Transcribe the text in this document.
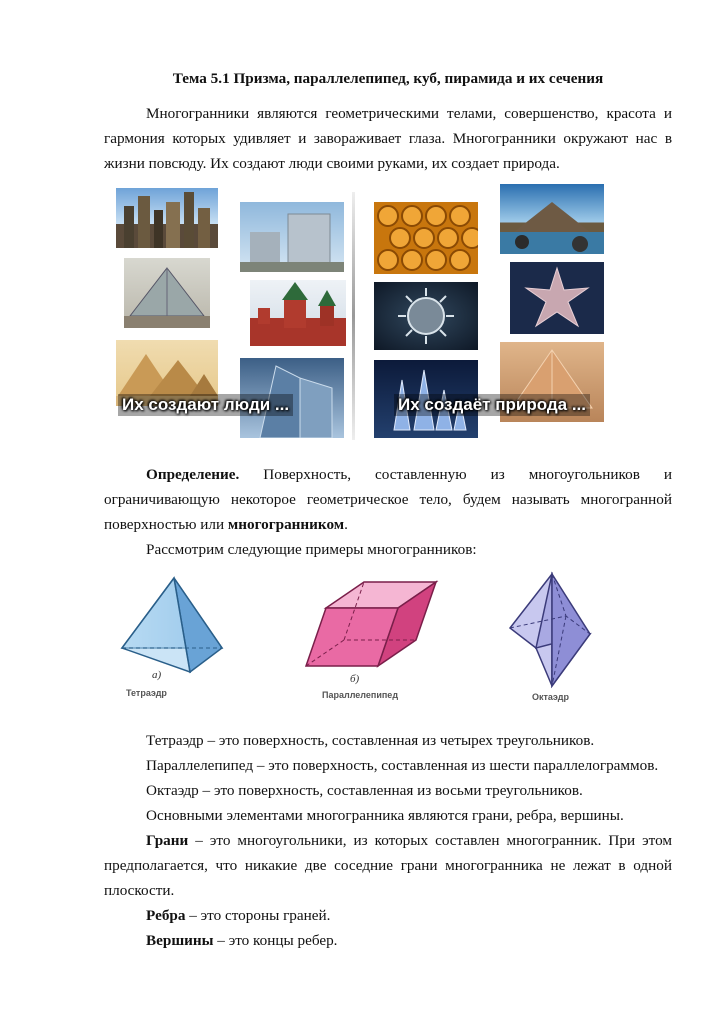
Тема 5.1 Призма, параллелепипед, куб, пирамида и их сечения

Многогранники являются геометрическими телами, совершенство, красота и гармония которых удивляет и завораживает глаза. Многогранники окружают нас в жизни повсюду. Их создают люди своими руками, их создает природа.

Их создают люди ...	Их создаёт природа ...

Определение. Поверхность, составленную из многоугольников и ограничивающую некоторое геометрическое тело, будем называть многогранной поверхностью или многогранником.

Рассмотрим следующие примеры многогранников:

а)
Тетраэдр
б)
Параллелепипед	Октаэдр

Тетраэдр – это поверхность, составленная из четырех треугольников.

Параллелепипед – это поверхность, составленная из шести параллелограммов.

Октаэдр – это поверхность, составленная из восьми треугольников.

Основными элементами многогранника являются грани, ребра, вершины.

Грани – это многоугольники, из которых составлен многогранник. При этом предполагается, что никакие две соседние грани многогранника не лежат в одной плоскости.

Ребра – это стороны граней.

Вершины – это концы ребер.
